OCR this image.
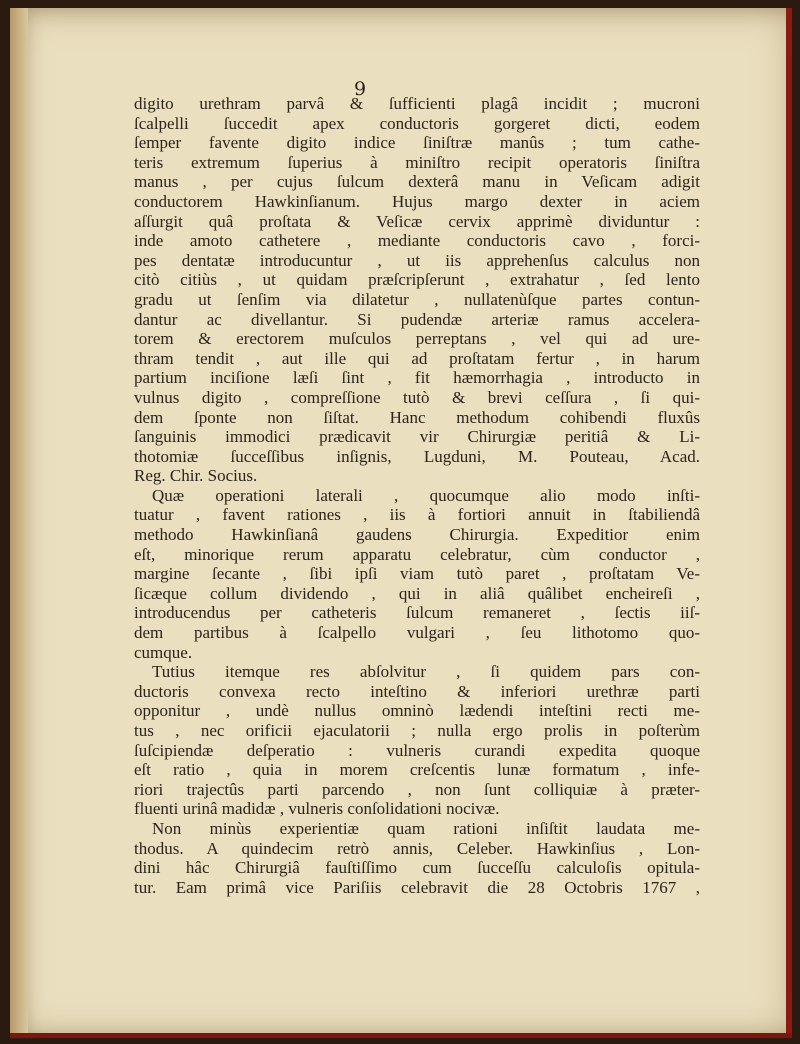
9
digito urethram parvâ & ſufficienti plagâ incidit ; mucroni
ſcalpelli ſuccedit apex conductoris gorgeret dicti, eodem
ſemper favente digito indice ſiniſtræ manûs ; tum cathe-
teris extremum ſuperius à miniſtro recipit operatoris ſiniſtra
manus , per cujus ſulcum dexterâ manu in Veſicam adigit
conductorem Hawkinſianum. Hujus margo dexter in aciem
aſſurgit quâ proſtata & Veſicæ cervix apprimè dividuntur :
inde amoto cathetere , mediante conductoris cavo , forci-
pes dentatæ introducuntur , ut iis apprehenſus calculus non
citò citiùs , ut quidam præſcripſerunt , extrahatur , ſed lento
gradu ut ſenſim via dilatetur , nullatenùſque partes contun-
dantur ac divellantur. Si pudendæ arteriæ ramus accelera-
torem & erectorem muſculos perreptans , vel qui ad ure-
thram tendit , aut ille qui ad proſtatam fertur , in harum
partium inciſione læſi ſint , fit hæmorrhagia , introducto in
vulnus digito , compreſſione tutò & brevi ceſſura , ſi qui-
dem ſponte non ſiſtat. Hanc methodum cohibendi fluxûs
ſanguinis immodici prædicavit vir Chirurgiæ peritiâ & Li-
thotomiæ ſucceſſibus inſignis, Lugduni, M. Pouteau, Acad.
Reg. Chir. Socius.
Quæ operationi laterali , quocumque alio modo inſti-
tuatur , favent rationes , iis à fortiori annuit in ſtabiliendâ
methodo Hawkinſianâ gaudens Chirurgia. Expeditior enim
eſt, minorique rerum apparatu celebratur, cùm conductor ,
margine ſecante , ſibi ipſi viam tutò paret , proſtatam Ve-
ſicæque collum dividendo , qui in aliâ quâlibet encheireſi ,
introducendus per catheteris ſulcum remaneret , ſectis iiſ-
dem partibus à ſcalpello vulgari , ſeu lithotomo quo-
cumque.
Tutius itemque res abſolvitur , ſi quidem pars con-
ductoris convexa recto inteſtino & inferiori urethræ parti
opponitur , undè nullus omninò lædendi inteſtini recti me-
tus , nec orificii ejaculatorii ; nulla ergo prolis in poſterùm
ſuſcipiendæ deſperatio : vulneris curandi expedita quoque
eſt ratio , quia in morem creſcentis lunæ formatum , infe-
riori trajectûs parti parcendo , non ſunt colliquiæ à præter-
fluenti urinâ madidæ , vulneris conſolidationi nocivæ.
Non minùs experientiæ quam rationi inſiſtit laudata me-
thodus. A quindecim retrò annis, Celeber. Hawkinſius , Lon-
dini hâc Chirurgiâ fauſtiſſimo cum ſucceſſu calculoſis opitula-
tur. Eam primâ vice Pariſiis celebravit die 28 Octobris 1767 ,
